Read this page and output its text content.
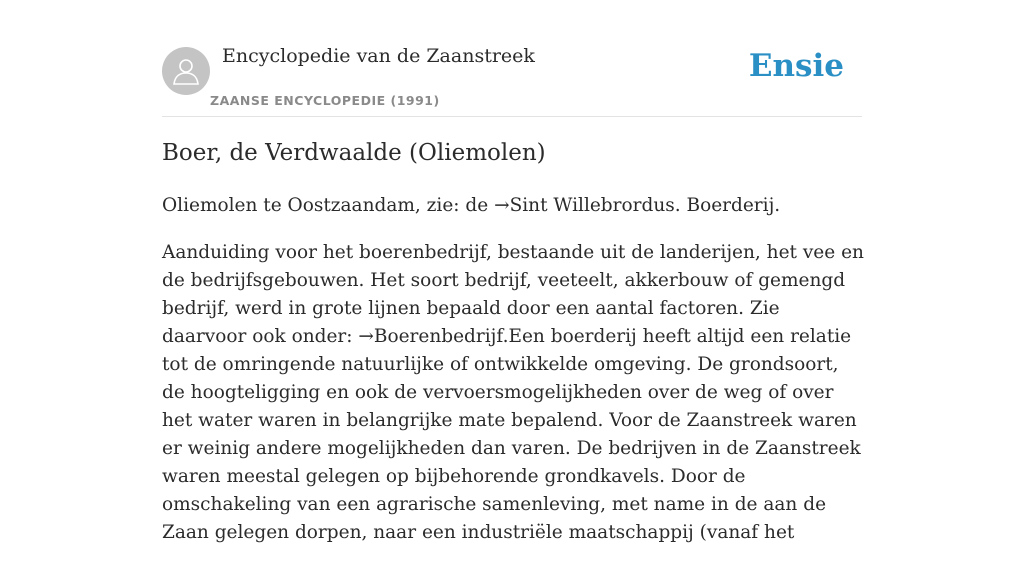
Encyclopedie van de Zaanstreek
ZAANSE ENCYCLOPEDIE (1991)
Ensie
Boer, de Verdwaalde (Oliemolen)

Oliemolen te Oostzaandam, zie: de →Sint Willebrordus. Boerderij.

Aanduiding voor het boerenbedrijf, bestaande uit de landerijen, het vee en de bedrijfsgebouwen. Het soort bedrijf, veeteelt, akkerbouw of gemengd bedrijf, werd in grote lijnen bepaald door een aantal factoren. Zie daarvoor ook onder: →Boerenbedrijf.Een boerderij heeft altijd een relatie tot de omringende natuurlijke of ontwikkelde omgeving. De grondsoort, de hoogteligging en ook de vervoersmogelijkheden over de weg of over het water waren in belangrijke mate bepalend. Voor de Zaanstreek waren er weinig andere mogelijkheden dan varen. De bedrijven in de Zaanstreek waren meestal gelegen op bijbehorende grondkavels. Door de omschakeling van een agrarische samenleving, met name in de aan de Zaan gelegen dorpen, naar een industriële maatschappij (vanaf het
